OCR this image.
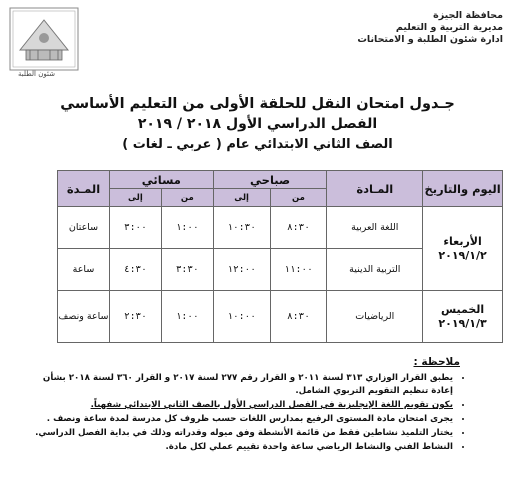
محافظة الجيزة
مديرية التربية و التعليم
ادارة شئون الطلبة و الامتحانات
شئون الطلبة
جـدول امتحان النقل للحلقة الأولى من التعليم الأساسي
الفصل الدراسي الأول ٢٠١٨ / ٢٠١٩
الصف الثاني الابتدائي عام ( عربي ـ لغات )
اليوم والتاريخ	المـادة	صباحي		مسائي		المـدة
		من	إلى	من	إلى	

الأربعاء
٢٠١٩/١/٢	اللغة العربية	٨:٣٠	١٠:٣٠	١:٠٠	٣:٠٠	ساعتان
	التربية الدينية	١١:٠٠	١٢:٠٠	٣:٣٠	٤:٣٠	ساعة

الخميس
٢٠١٩/١/٣	الرياضيات	٨:٣٠	١٠:٠٠	١:٠٠	٢:٣٠	ساعة ونصف
ملاحظة :
• يطبق القرار الوزاري ٣١٣ لسنة ٢٠١١ و القرار رقم ٢٧٧ لسنة ٢٠١٧ و القرار ٣٦٠ لسنة ٢٠١٨ بشأن إعادة تنظيم التقويم التربوي الشامل.
• يكون تقويم اللغة الإنجليزية في الفصل الدراسي الأول بالصف الثاني الابتدائي شفهياً.
• يجرى امتحان مادة المستوى الرفيع بمدارس اللغات حسب ظروف كل مدرسة لمدة ساعة ونصف .
• يختار التلميذ نشاطين فقط من قائمة الأنشطة وفق ميوله وقدراته وذلك في بداية الفصل الدراسي.
• النشاط الفني والنشاط الرياضي ساعة واحدة تقييم عملي لكل مادة.
